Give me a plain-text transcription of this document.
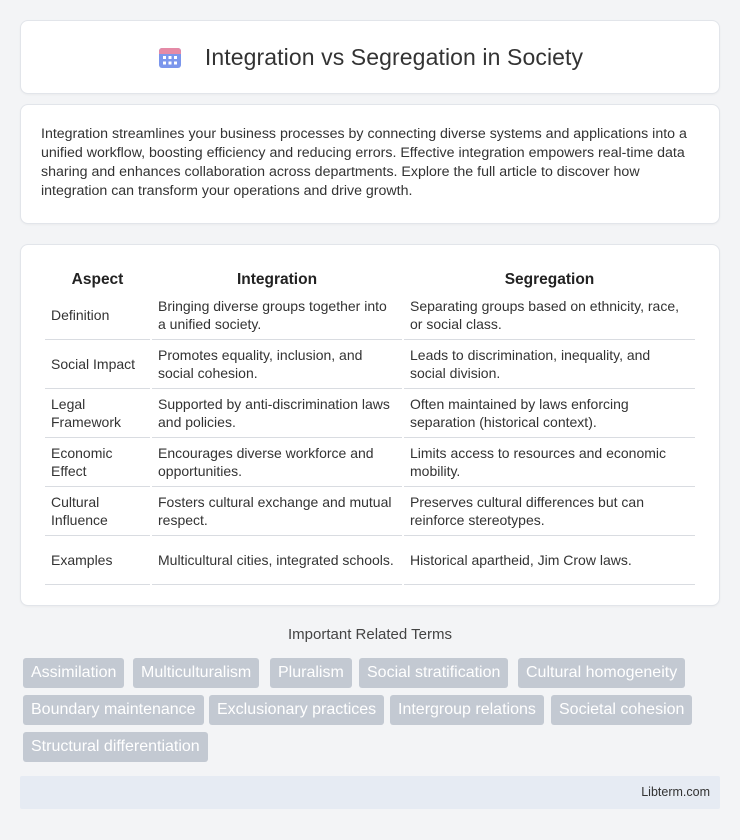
Integration vs Segregation in Society

Integration streamlines your business processes by connecting diverse systems and applications into a unified workflow, boosting efficiency and reducing errors. Effective integration empowers real-time data sharing and enhances collaboration across departments. Explore the full article to discover how integration can transform your operations and drive growth.

Aspect	Integration	Segregation
Definition	Bringing diverse groups together into a unified society.	Separating groups based on ethnicity, race, or social class.
Social Impact	Promotes equality, inclusion, and social cohesion.	Leads to discrimination, inequality, and social division.
Legal Framework	Supported by anti-discrimination laws and policies.	Often maintained by laws enforcing separation (historical context).
Economic Effect	Encourages diverse workforce and opportunities.	Limits access to resources and economic mobility.
Cultural Influence	Fosters cultural exchange and mutual respect.	Preserves cultural differences but can reinforce stereotypes.
Examples	Multicultural cities, integrated schools.	Historical apartheid, Jim Crow laws.
Important Related Terms
Assimilation	Multiculturalism	Pluralism	Social stratification	Cultural homogeneity
Boundary maintenance	Exclusionary practices	Intergroup relations	Societal cohesion
Structural differentiation
Libterm.com
